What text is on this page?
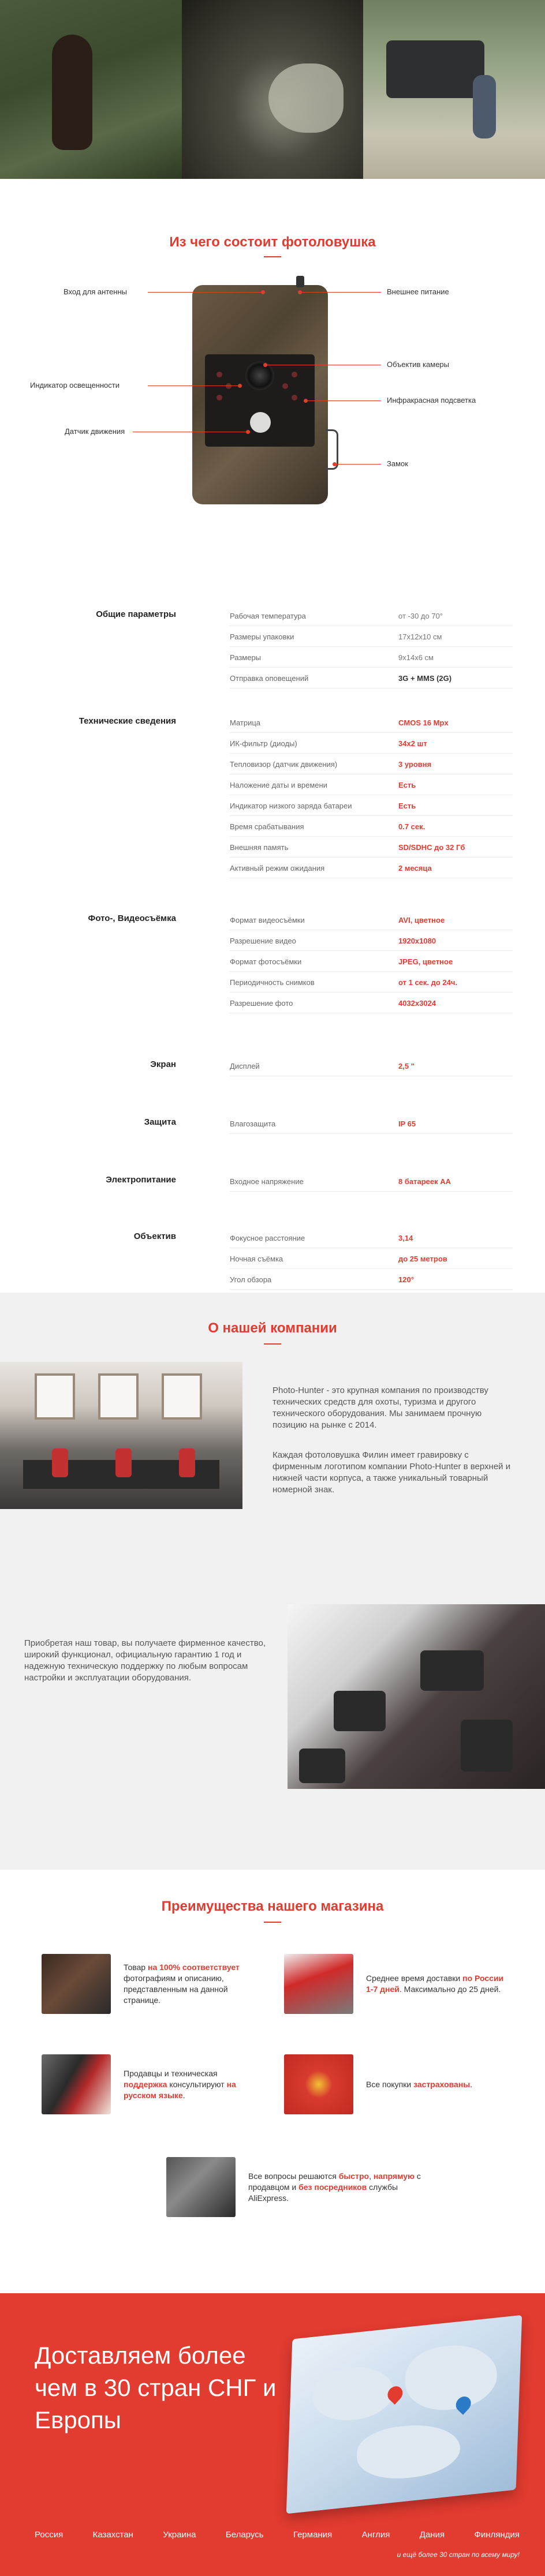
Из чего состоит фотоловушка
Вход для антенны	Внешнее питание
Объектив камеры
Индикатор освещенности
Инфракрасная подсветка
Датчик движения
Замок
Общие параметры	Рабочая температура	от -30 до 70°
Размеры упаковки	17x12x10 см
Размеры	9x14x6 см
Отправка оповещений	3G + MMS (2G)
Технические сведения	Матрица	CMOS 16 Mpx
ИК-фильтр (диоды)	34x2 шт
Тепловизор (датчик движения)	3 уровня
Наложение даты и времени	Есть
Индикатор низкого заряда батареи	Есть
Время срабатывания	0.7 сек.
Внешняя память	SD/SDHC до 32 Гб
Активный режим ожидания	2 месяца
Фото-, Видеосъёмка	Формат видеосъёмки	AVI, цветное
Разрешение видео	1920x1080
Формат фотосъёмки	JPEG, цветное
Периодичность снимков	от 1 сек. до 24ч.
Разрешение фото	4032x3024
Экран	Дисплей	2,5 "
Защита	Влагозащита	IP 65
Электропитание	Входное напряжение	8 батареек АА
Объектив	Фокусное расстояние	3,14
Ночная съёмка	до 25 метров
Угол обзора	120°
О нашей компании

Photo-Hunter - это крупная компания по производству технических средств для охоты, туризма и другого технического оборудования. Мы занимаем прочную позицию на рынке с 2014.

Каждая фотоловушка Филин имеет гравировку с фирменным логотипом компании Photo-Hunter в верхней и нижней части корпуса, а также уникальный товарный номерной знак.

Приобретая наш товар, вы получаете фирменное качество, широкий функционал, официальную гарантию 1 год и надежную техническую поддержку по любым вопросам настройки и эксплуатации оборудования.

Преимущества нашего магазина
Товар на 100% соответствует фотографиям и описанию, представленным на данной странице.
Среднее время доставки по России 1-7 дней. Максимально до 25 дней.
Продавцы и техническая поддержка консультируют на русском языке.
Все покупки застрахованы.
Все вопросы решаются быстро, напрямую с продавцом и без посредников службы AliExpress.
Доставляем более чем в 30 стран СНГ и Европы
Россия	Казахстан	Украина	Беларусь	Германия	Англия	Дания	Финляндия
и ещё более 30 стран по всему миру!
